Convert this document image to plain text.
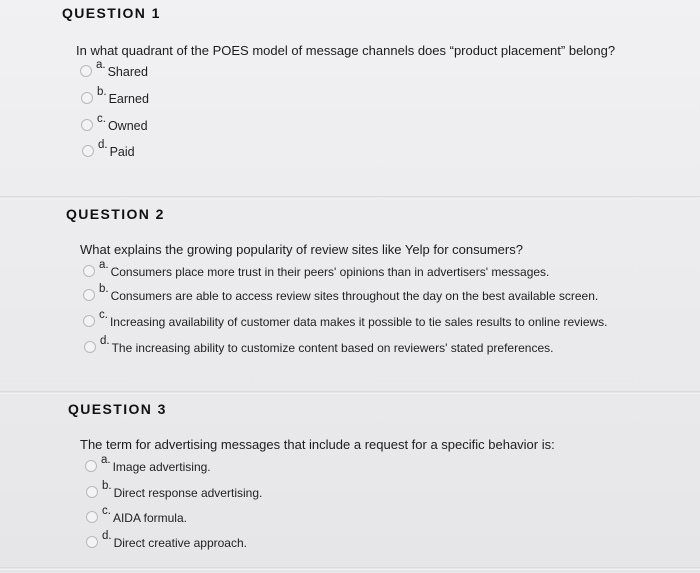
QUESTION 1
In what quadrant of the POES model of message channels does “product placement” belong?
a. Shared
b. Earned
c. Owned
d. Paid
QUESTION 2
What explains the growing popularity of review sites like Yelp for consumers?
a. Consumers place more trust in their peers' opinions than in advertisers' messages.
b. Consumers are able to access review sites throughout the day on the best available screen.
c. Increasing availability of customer data makes it possible to tie sales results to online reviews.
d. The increasing ability to customize content based on reviewers' stated preferences.
QUESTION 3
The term for advertising messages that include a request for a specific behavior is:
a. Image advertising.
b. Direct response advertising.
c. AIDA formula.
d. Direct creative approach.
